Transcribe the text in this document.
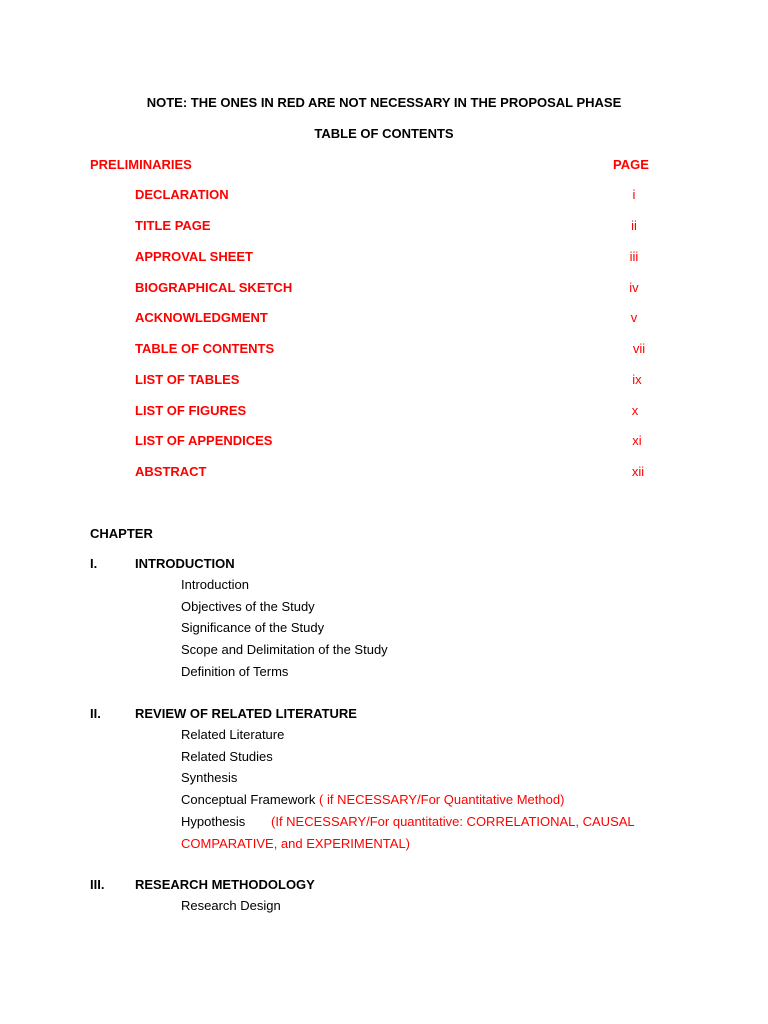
NOTE: THE ONES IN RED ARE NOT NECESSARY IN THE PROPOSAL PHASE
TABLE OF CONTENTS
PRELIMINARIES	PAGE
DECLARATION	i
TITLE PAGE	ii
APPROVAL SHEET	iii
BIOGRAPHICAL SKETCH	iv
ACKNOWLEDGMENT	v
TABLE OF CONTENTS	vii
LIST OF TABLES	ix
LIST OF FIGURES	x
LIST OF APPENDICES	xi
ABSTRACT	xii
CHAPTER
I.	INTRODUCTION
Introduction
Objectives of the Study
Significance of the Study
Scope and Delimitation of the Study
Definition of Terms
II.	REVIEW OF RELATED LITERATURE
Related Literature
Related Studies
Synthesis
Conceptual Framework ( if NECESSARY/For Quantitative Method)
Hypothesis (If NECESSARY/For quantitative: CORRELATIONAL, CAUSAL
COMPARATIVE, and EXPERIMENTAL)
III. RESEARCH METHODOLOGY
Research Design
